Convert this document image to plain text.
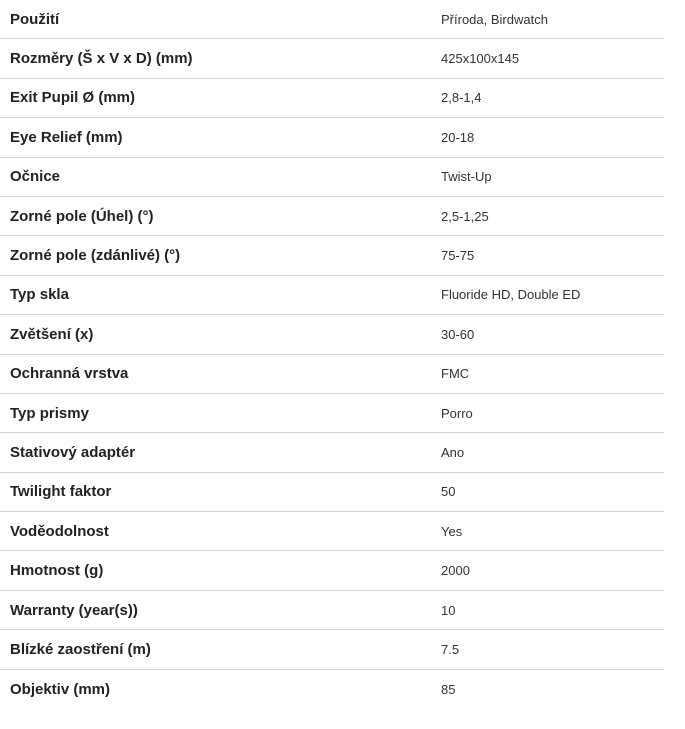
Použití	Příroda, Birdwatch
Rozměry (Š x V x D) (mm)	425x100x145
Exit Pupil Ø (mm)	2,8-1,4
Eye Relief (mm)	20-18
Očnice	Twist-Up
Zorné pole (Úhel) (°)	2,5-1,25
Zorné pole (zdánlivé) (°)	75-75
Typ skla	Fluoride HD, Double ED
Zvětšení (x)	30-60
Ochranná vrstva	FMC
Typ prismy	Porro
Stativový adaptér	Ano
Twilight faktor	50
Voděodolnost	Yes
Hmotnost (g)	2000
Warranty (year(s))	10
Blízké zaostření (m)	7.5
Objektiv (mm)	85
